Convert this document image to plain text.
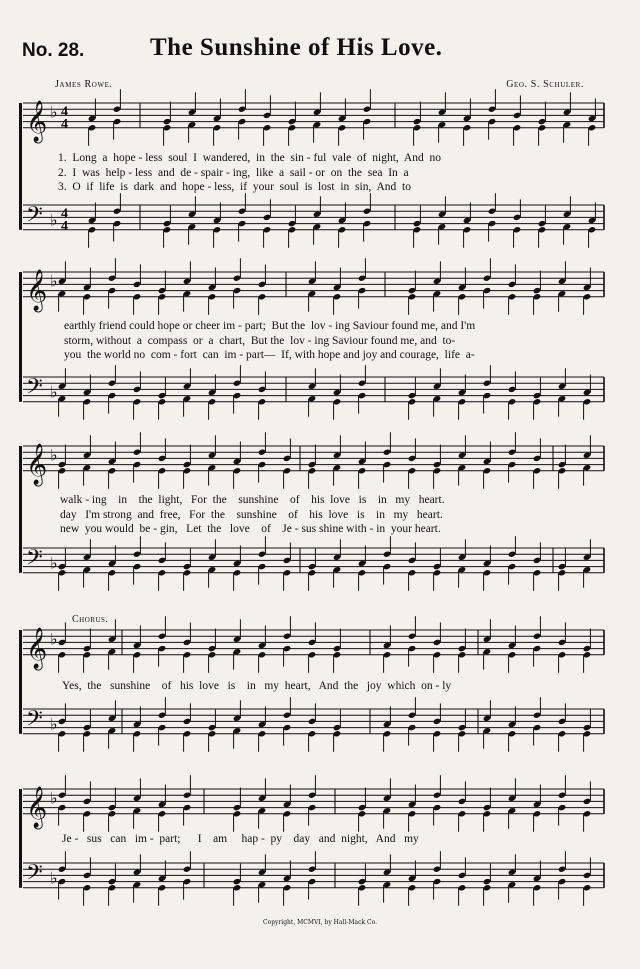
No. 28.	The Sunshine of His Love.
James Rowe.	Geo. S. Schuler.
Chorus.
𝄞 ♭ 4
4
𝄢 ♭ 4
4
𝄞 ♭
𝄢 ♭
𝄞 ♭
𝄢 ♭
𝄞 ♭
𝄢 ♭
𝄞 ♭
𝄢 ♭
1.  Long  a  hope - less  soul  I  wandered,  in  the  sin - ful  vale  of  night,  And  no
2.  I  was  help - less  and  de - spair - ing,  like  a  sail - or  on  the  sea  In  a
3.  O  if  life  is  dark  and  hope - less,  if  your  soul  is  lost  in  sin,  And  to
earthly friend could hope or cheer im - part;  But the  lov - ing Saviour found me, and I'm
storm, without  a  compass  or  a  chart,  But the  lov - ing Saviour found me, and  to-
you  the world no  com - fort  can  im - part—  If, with hope and joy and courage,  life  a-
walk - ing    in    the  light,   For  the    sunshine    of    his  love   is    in   my   heart.
day   I'm strong  and  free,   For  the    sunshine    of    his  love   is    in   my   heart.
new  you would  be - gin,   Let  the   love    of    Je - sus shine with - in  your heart.
Yes,  the   sunshine    of   his  love   is    in   my  heart,   And  the   joy  which  on - ly
Je -   sus   can   im -  part;      I    am     hap -  py    day   and  night,   And   my
Copyright, MCMVI, by Hall-Mack Co.
